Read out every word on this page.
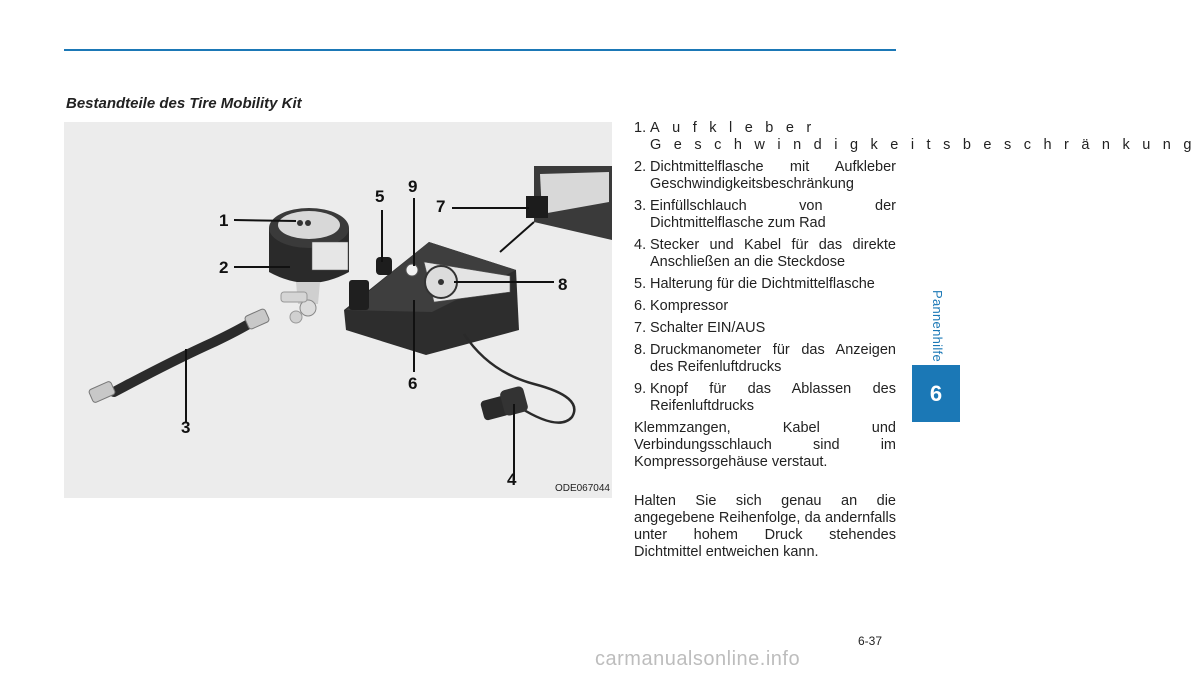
Pannenhilfe
6
Bestandteile des Tire Mobility Kit
1
2
3
4
5
9
6
7
8
ODE067044
1. Aufkleber Geschwindigkeitsbeschränkung
2. Dichtmittelflasche mit Aufkleber Geschwindigkeitsbeschränkung
3. Einfüllschlauch von der Dichtmittelflasche zum Rad
4. Stecker und Kabel für das direkte Anschließen an die Steckdose
5. Halterung für die Dichtmittelflasche
6. Kompressor
7. Schalter EIN/AUS
8. Druckmanometer für das Anzeigen des Reifenluftdrucks
9. Knopf für das Ablassen des Reifenluftdrucks

Klemmzangen, Kabel und Verbindungsschlauch sind im Kompressorgehäuse verstaut.

Halten Sie sich genau an die angegebene Reihenfolge, da andernfalls unter hohem Druck stehendes Dichtmittel entweichen kann.

6-37
carmanualsonline.info
